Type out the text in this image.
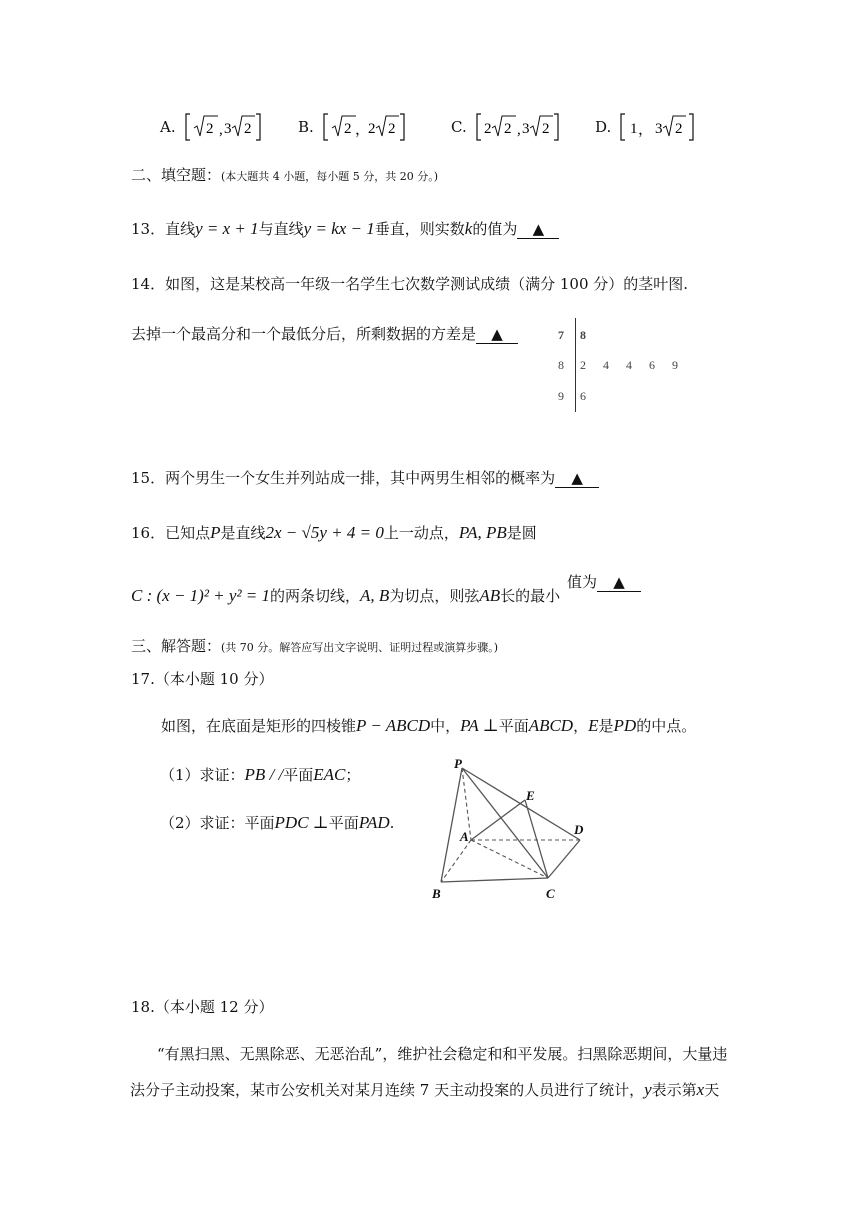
A. 2 , 3 2	B. 2 ，
2 2	C. 2 2 , 3 2	D. 1 ， 3 2
二、填空题：(本大题共 4 小题，每小题 5 分，共 20 分。)
13．直线y = x + 1与直线y = kx − 1垂直，则实数k的值为 ▲
14．如图，这是某校高一年级一名学生七次数学测试成绩（满分 100 分）的茎叶图.
去掉一个最高分和一个最低分后，所剩数据的方差是 ▲	7 8
8 2 4 4 6 9
9 6
15．两个男生一个女生并列站成一排，其中两男生相邻的概率为 ▲
16．已知点P是直线2x − √5y + 4 = 0上一动点，PA, PB是圆
C : (x − 1)² + y² = 1的两条切线，A, B为切点，则弦AB长的最小
值为 ▲
三、解答题：(共 70 分。解答应写出文字说明、证明过程或演算步骤。)
17.（本小题 10 分）
如图，在底面是矩形的四棱锥P − ABCD中，PA ⊥平面ABCD，E是PD的中点。
（1）求证：PB / /平面EAC；
（2）求证：平面PDC ⊥平面PAD.
P
E
A	D
B	C
18.（本小题 12 分）
“有黑扫黑、无黑除恶、无恶治乱”，维护社会稳定和和平发展。扫黑除恶期间，大量违
法分子主动投案，某市公安机关对某月连续 7 天主动投案的人员进行了统计，y表示第x天
